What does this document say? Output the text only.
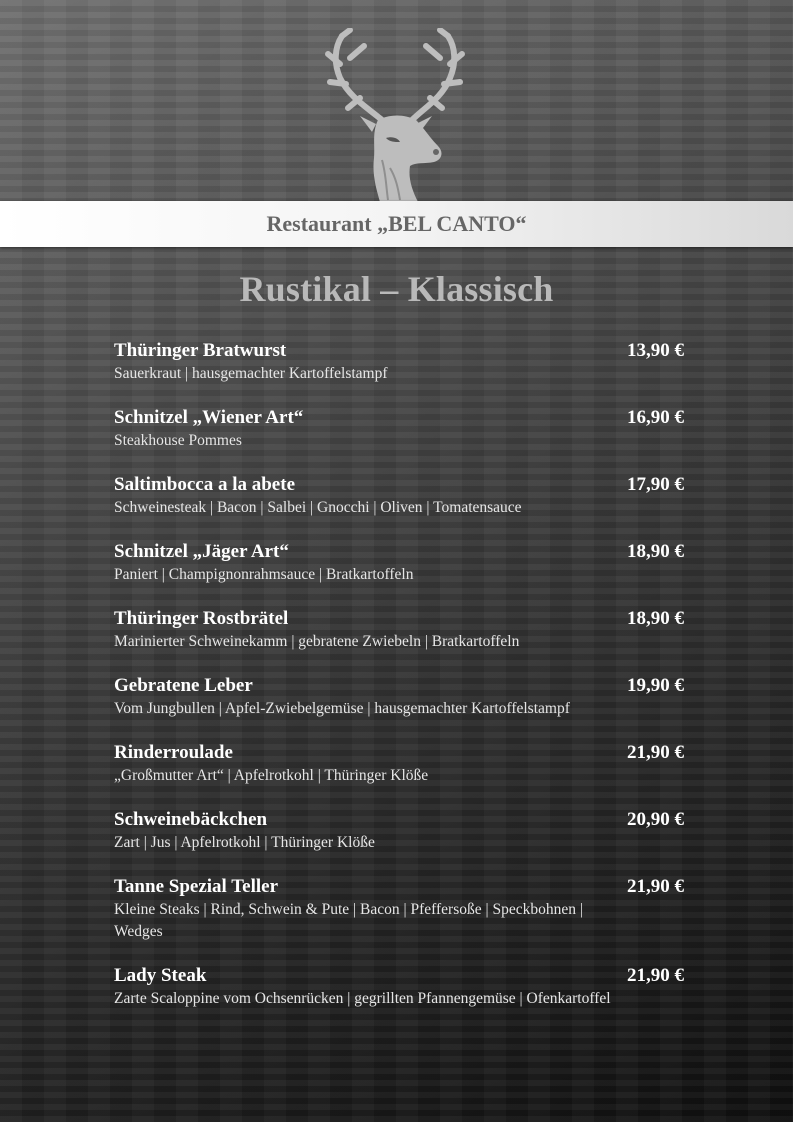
Restaurant „BEL CANTO“
Rustikal – Klassisch
Thüringer Bratwurst	13,90 €
Sauerkraut | hausgemachter Kartoffelstampf
Schnitzel „Wiener Art“	16,90 €
Steakhouse Pommes
Saltimbocca a la abete	17,90 €
Schweinesteak | Bacon | Salbei | Gnocchi | Oliven | Tomatensauce
Schnitzel „Jäger Art“	18,90 €
Paniert | Champignonrahmsauce | Bratkartoffeln
Thüringer Rostbrätel	18,90 €
Marinierter Schweinekamm | gebratene Zwiebeln | Bratkartoffeln
Gebratene Leber	19,90 €
Vom Jungbullen | Apfel-Zwiebelgemüse | hausgemachter Kartoffelstampf
Rinderroulade	21,90 €
„Großmutter Art“ | Apfelrotkohl | Thüringer Klöße
Schweinebäckchen	20,90 €
Zart | Jus | Apfelrotkohl | Thüringer Klöße
Tanne Spezial Teller	21,90 €
Kleine Steaks | Rind, Schwein & Pute | Bacon | Pfeffersoße | Speckbohnen | Wedges
Lady Steak	21,90 €
Zarte Scaloppine vom Ochsenrücken | gegrillten Pfannengemüse | Ofenkartoffel
